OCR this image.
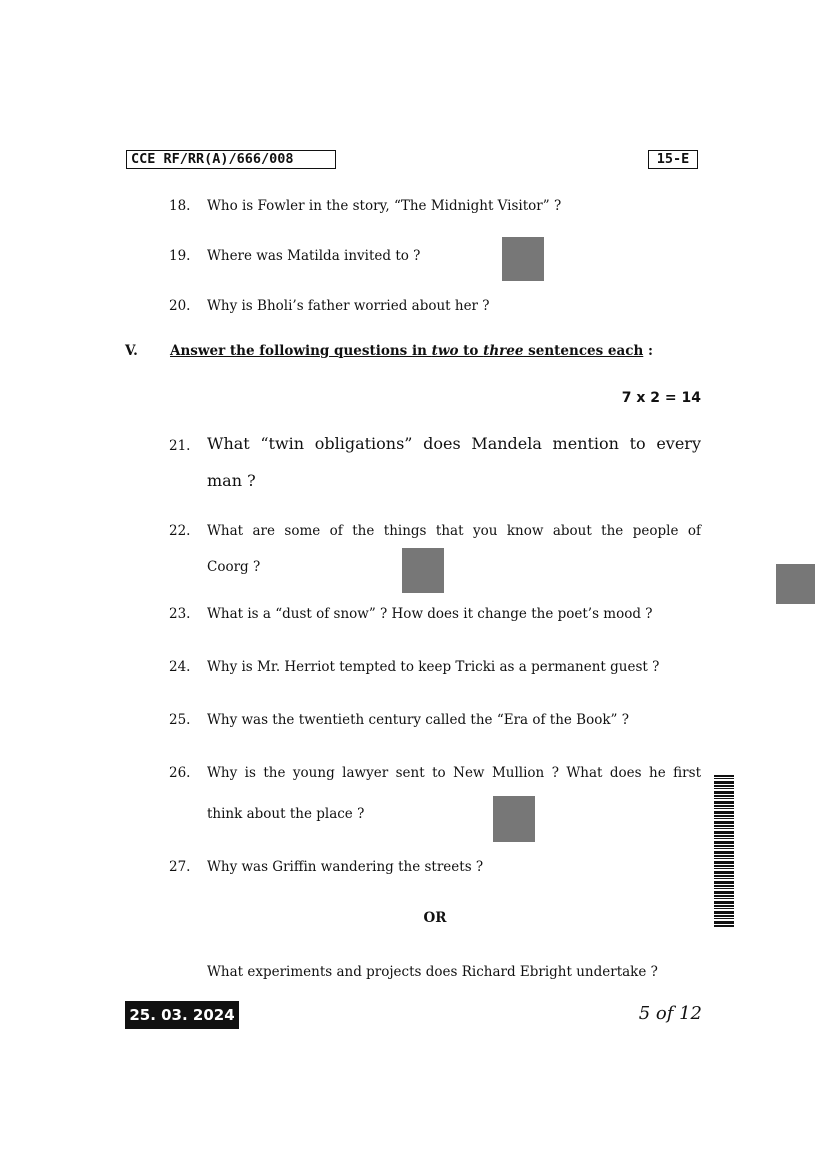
CCE RF/RR(A)/666/008	15-E
18.	Who is Fowler in the story, “The Midnight Visitor” ?
19.	Where was Matilda invited to ?
20.	Why is Bholi’s father worried about her ?
V. Answer the following questions in two to three sentences each :
7 x 2 = 14
21.	What “twin obligations” does Mandela mention to every
man ?
22.	What are some of the things that you know about the people of
Coorg ?
23.	What is a “dust of snow” ? How does it change the poet’s mood ?
24.	Why is Mr. Herriot tempted to keep Tricki as a permanent guest ?
25.	Why was the twentieth century called the “Era of the Book” ?
26.	Why is the young lawyer sent to New Mullion ? What does he first
think about the place ?
27.	Why was Griffin wandering the streets ?
OR
What experiments and projects does Richard Ebright undertake ?
25. 03. 2024	5 of 12
